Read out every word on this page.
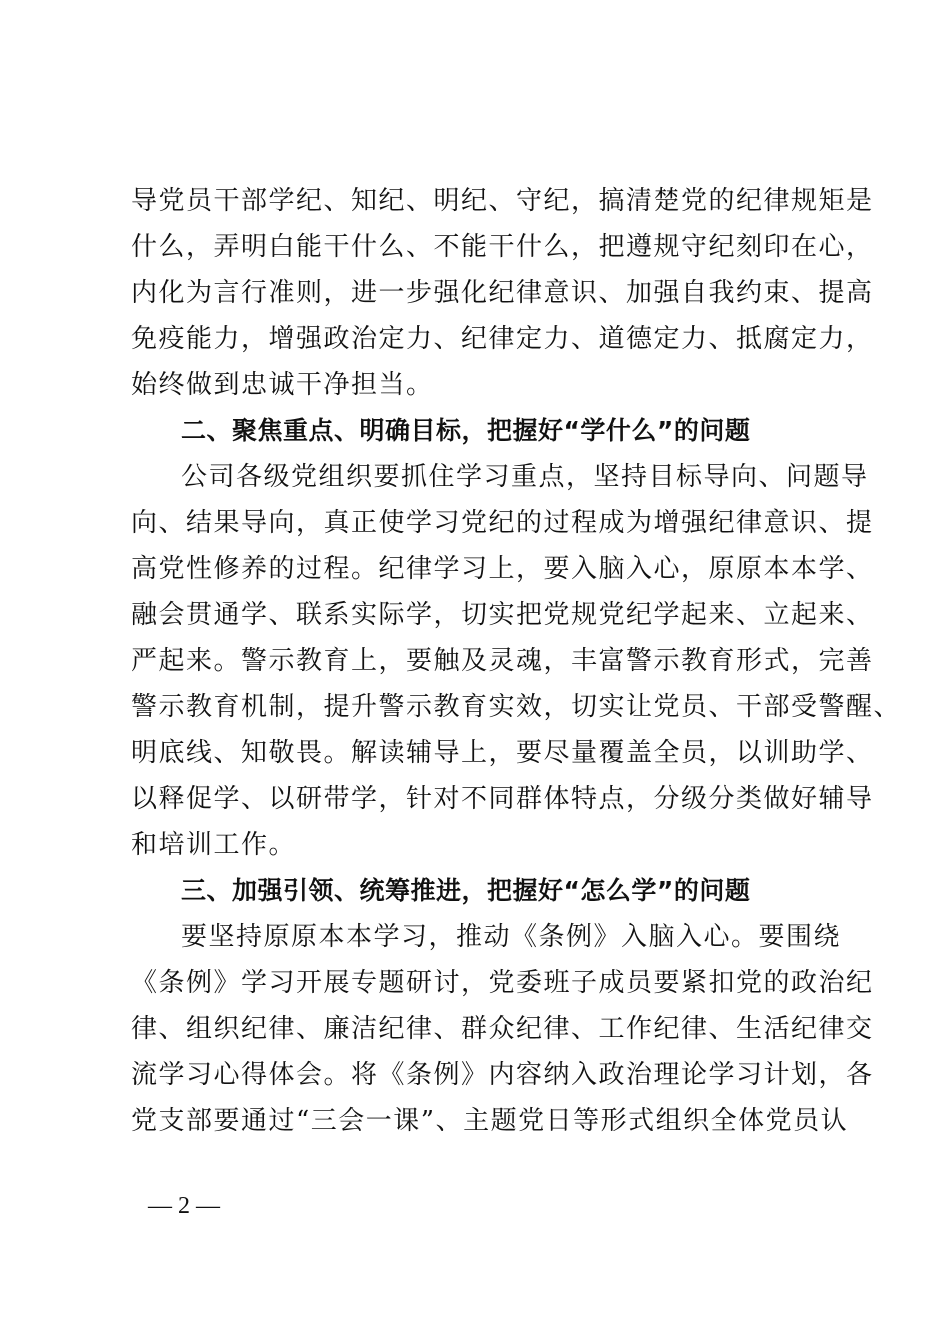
导党员干部学纪、知纪、明纪、守纪，搞清楚党的纪律规矩是
什么，弄明白能干什么、不能干什么，把遵规守纪刻印在心，
内化为言行准则，进一步强化纪律意识、加强自我约束、提高
免疫能力，增强政治定力、纪律定力、道德定力、抵腐定力，
始终做到忠诚干净担当。
二、聚焦重点、明确目标，把握好“学什么”的问题
公司各级党组织要抓住学习重点，坚持目标导向、问题导
向、结果导向，真正使学习党纪的过程成为增强纪律意识、提
高党性修养的过程。纪律学习上，要入脑入心，原原本本学、
融会贯通学、联系实际学，切实把党规党纪学起来、立起来、
严起来。警示教育上，要触及灵魂，丰富警示教育形式，完善
警示教育机制，提升警示教育实效，切实让党员、干部受警醒、
明底线、知敬畏。解读辅导上，要尽量覆盖全员，以训助学、
以释促学、以研带学，针对不同群体特点，分级分类做好辅导
和培训工作。
三、加强引领、统筹推进，把握好“怎么学”的问题
要坚持原原本本学习，推动《条例》入脑入心。要围绕
《条例》学习开展专题研讨，党委班子成员要紧扣党的政治纪
律、组织纪律、廉洁纪律、群众纪律、工作纪律、生活纪律交
流学习心得体会。将《条例》内容纳入政治理论学习计划，各
党支部要通过“三会一课”、主题党日等形式组织全体党员认
— 2 —
